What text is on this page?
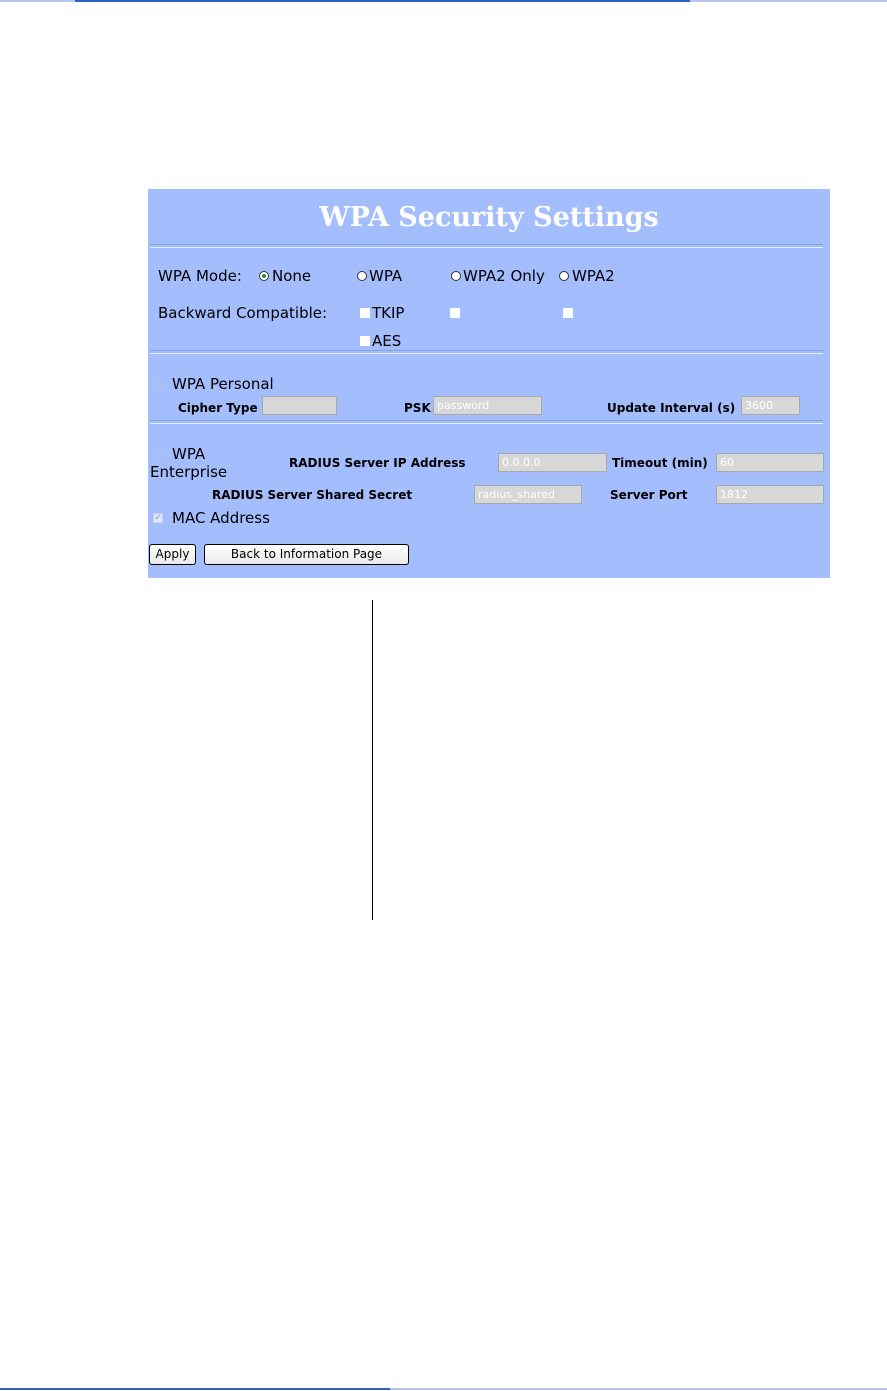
WPA Security Settings
WPA Mode: None	WPA	WPA2 Only WPA2
Backward Compatible:	TKIP
AES
WPA Personal
Cipher Type	PSK password	Update Interval (s) 3600
WPA
Enterprise	RADIUS Server IP Address	0.0.0.0	Timeout (min)	60
RADIUS Server Shared Secret	radius_shared	Server Port	1812
✓ MAC Address
Apply	Back to Information Page
